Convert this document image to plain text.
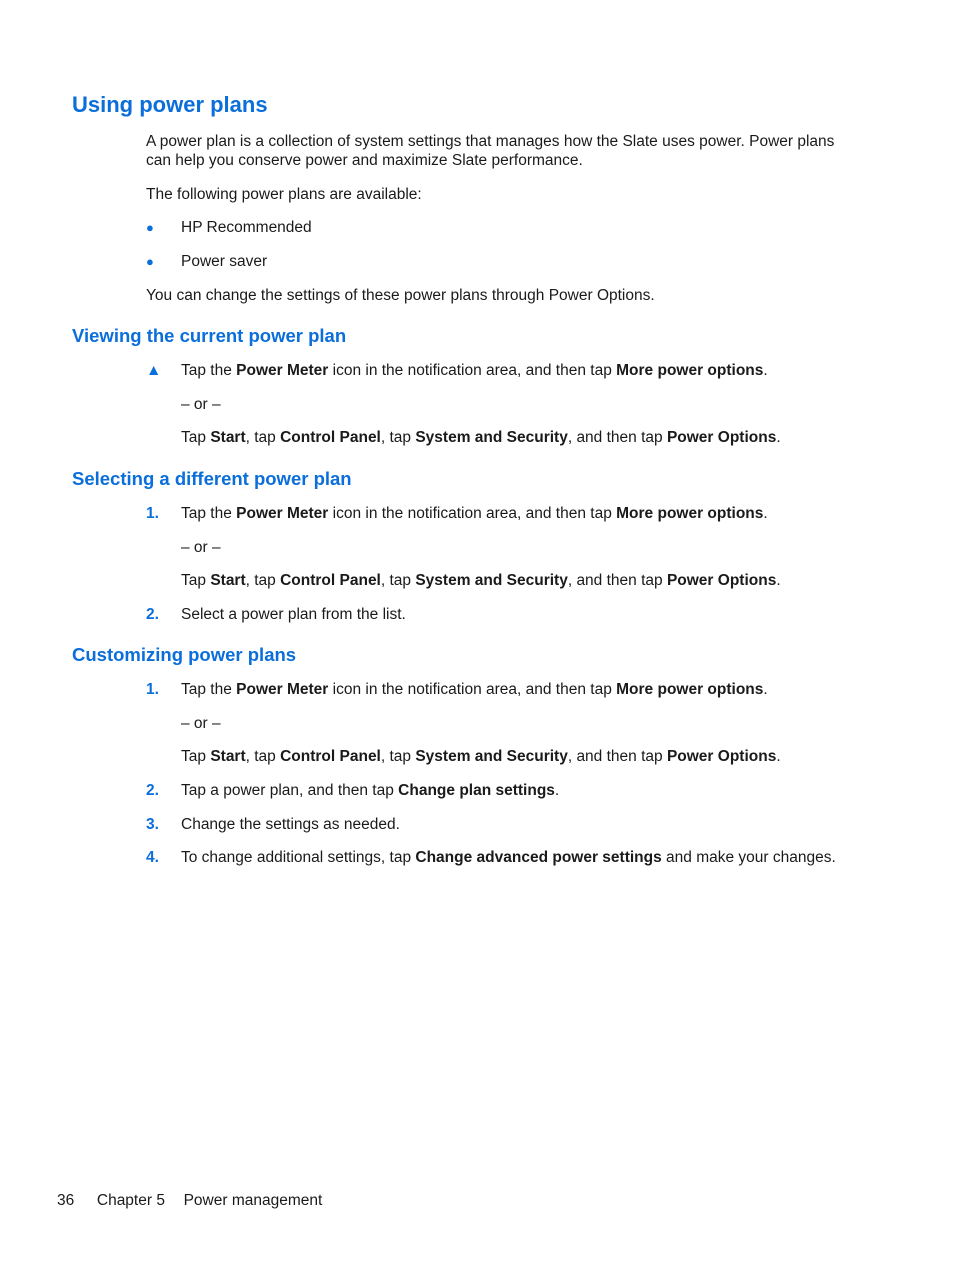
Using power plans
A power plan is a collection of system settings that manages how the Slate uses power. Power plans
can help you conserve power and maximize Slate performance.
The following power plans are available:
● HP Recommended
● Power saver
You can change the settings of these power plans through Power Options.
Viewing the current power plan
▲ Tap the Power Meter icon in the notification area, and then tap More power options.
– or –
Tap Start, tap Control Panel, tap System and Security, and then tap Power Options.
Selecting a different power plan
1. Tap the Power Meter icon in the notification area, and then tap More power options.
– or –
Tap Start, tap Control Panel, tap System and Security, and then tap Power Options.
2. Select a power plan from the list.
Customizing power plans
1. Tap the Power Meter icon in the notification area, and then tap More power options.
– or –
Tap Start, tap Control Panel, tap System and Security, and then tap Power Options.
2. Tap a power plan, and then tap Change plan settings.
3. Change the settings as needed.
4. To change additional settings, tap Change advanced power settings and make your changes.
36 Chapter 5 Power management
